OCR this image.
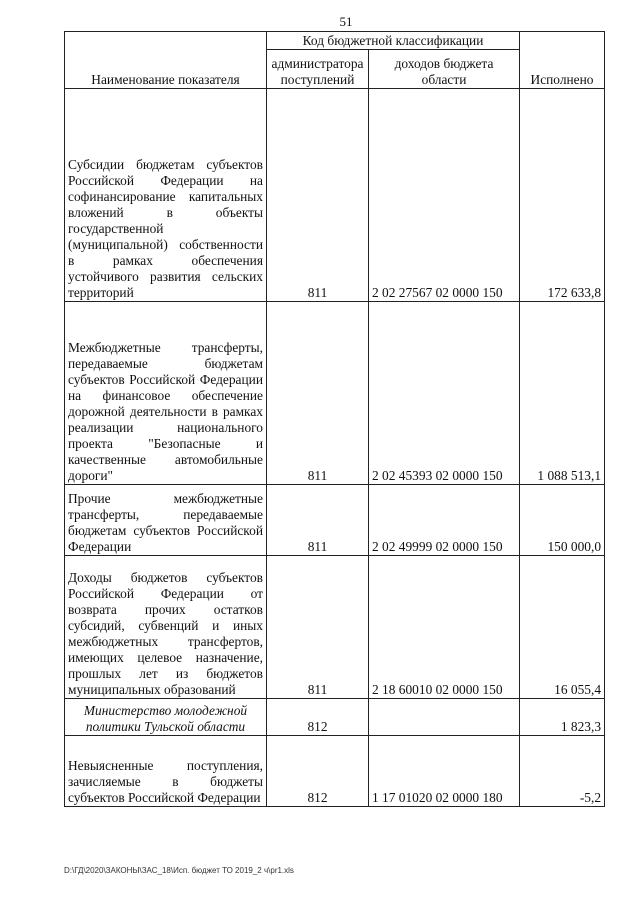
51
Наименование показателя	Код бюджетной классификации		Исполнено
	администратора поступлений	доходов бюджета области	
Субсидии бюджетам субъектов Российской Федерации на софинансирование капитальных вложений в объекты государственной (муниципальной) собственности в рамках обеспечения устойчивого развития сельских территорий	811	2 02 27567 02 0000 150	172 633,8
Межбюджетные трансферты, передаваемые бюджетам субъектов Российской Федерации на финансовое обеспечение дорожной деятельности в рамках реализации национального проекта "Безопасные и качественные автомобильные дороги"	811	2 02 45393 02 0000 150	1 088 513,1
Прочие межбюджетные трансферты, передаваемые бюджетам субъектов Российской Федерации	811	2 02 49999 02 0000 150	150 000,0
Доходы бюджетов субъектов Российской Федерации от возврата прочих остатков субсидий, субвенций и иных межбюджетных трансфертов, имеющих целевое назначение, прошлых лет из бюджетов муниципальных образований	811	2 18 60010 02 0000 150	16 055,4
Министерство молодежной политики Тульской области	812		1 823,3
Невыясненные поступления, зачисляемые в бюджеты субъектов Российской Федерации	812	1 17 01020 02 0000 180	-5,2
D:\ГД\2020\ЗАКОНЫ\ЗАС_18\Исп. бюджет ТО 2019_2 ч\pr1.xls
